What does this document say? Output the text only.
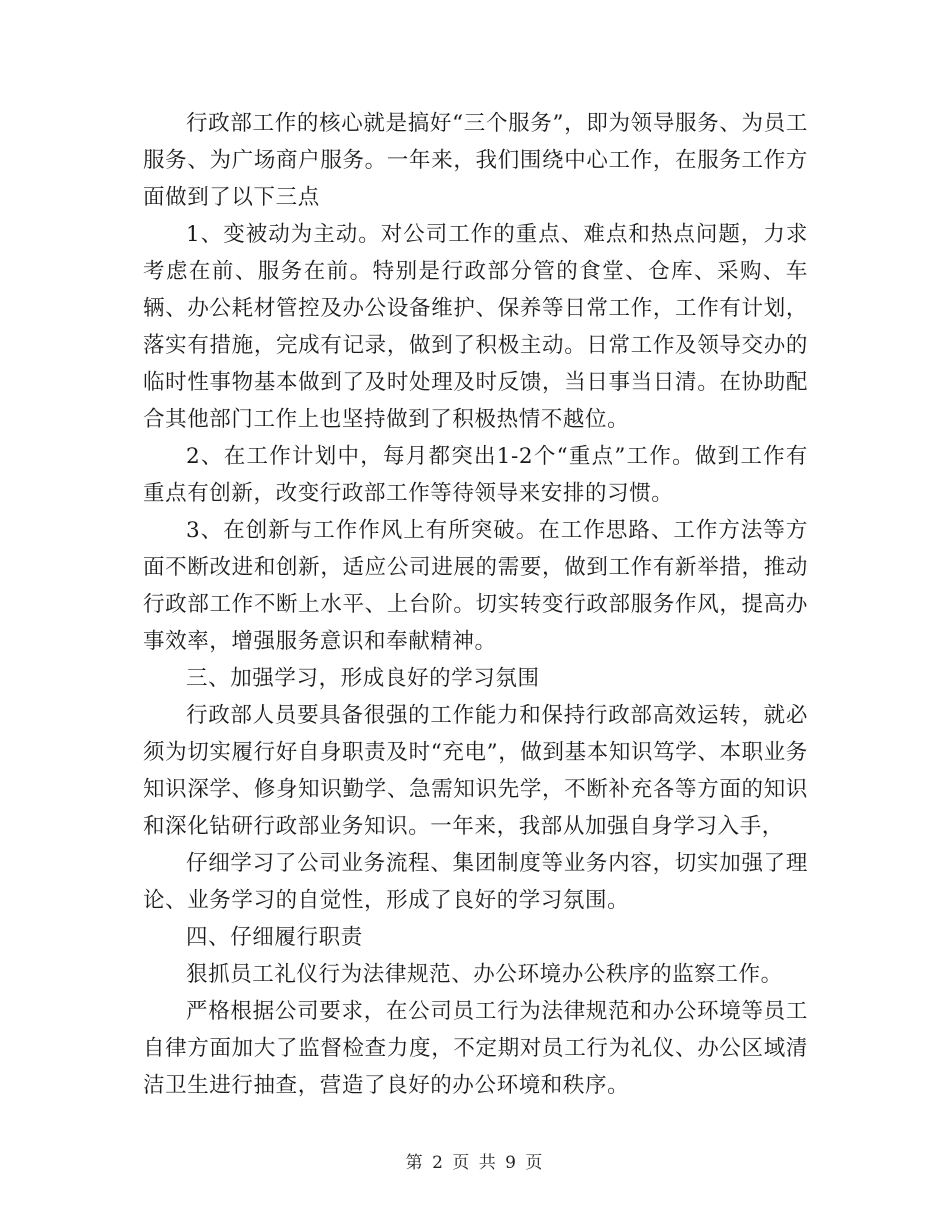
行政部工作的核心就是搞好“三个服务”，即为领导服务、为员工服务、为广场商户服务。一年来，我们围绕中心工作，在服务工作方面做到了以下三点

1、变被动为主动。对公司工作的重点、难点和热点问题，力求考虑在前、服务在前。特别是行政部分管的食堂、仓库、采购、车辆、办公耗材管控及办公设备维护、保养等日常工作，工作有计划，落实有措施，完成有记录，做到了积极主动。日常工作及领导交办的临时性事物基本做到了及时处理及时反馈，当日事当日清。在协助配合其他部门工作上也坚持做到了积极热情不越位。

2、在工作计划中，每月都突出1-2个“重点”工作。做到工作有重点有创新，改变行政部工作等待领导来安排的习惯。

3、在创新与工作作风上有所突破。在工作思路、工作方法等方面不断改进和创新，适应公司进展的需要，做到工作有新举措，推动行政部工作不断上水平、上台阶。切实转变行政部服务作风，提高办事效率，增强服务意识和奉献精神。

三、加强学习，形成良好的学习氛围

行政部人员要具备很强的工作能力和保持行政部高效运转，就必须为切实履行好自身职责及时“充电”，做到基本知识笃学、本职业务知识深学、修身知识勤学、急需知识先学，不断补充各等方面的知识和深化钻研行政部业务知识。一年来，我部从加强自身学习入手，

仔细学习了公司业务流程、集团制度等业务内容，切实加强了理论、业务学习的自觉性，形成了良好的学习氛围。

四、仔细履行职责

狠抓员工礼仪行为法律规范、办公环境办公秩序的监察工作。

严格根据公司要求，在公司员工行为法律规范和办公环境等员工自律方面加大了监督检查力度，不定期对员工行为礼仪、办公区域清洁卫生进行抽查，营造了良好的办公环境和秩序。

第 2 页 共 9 页
